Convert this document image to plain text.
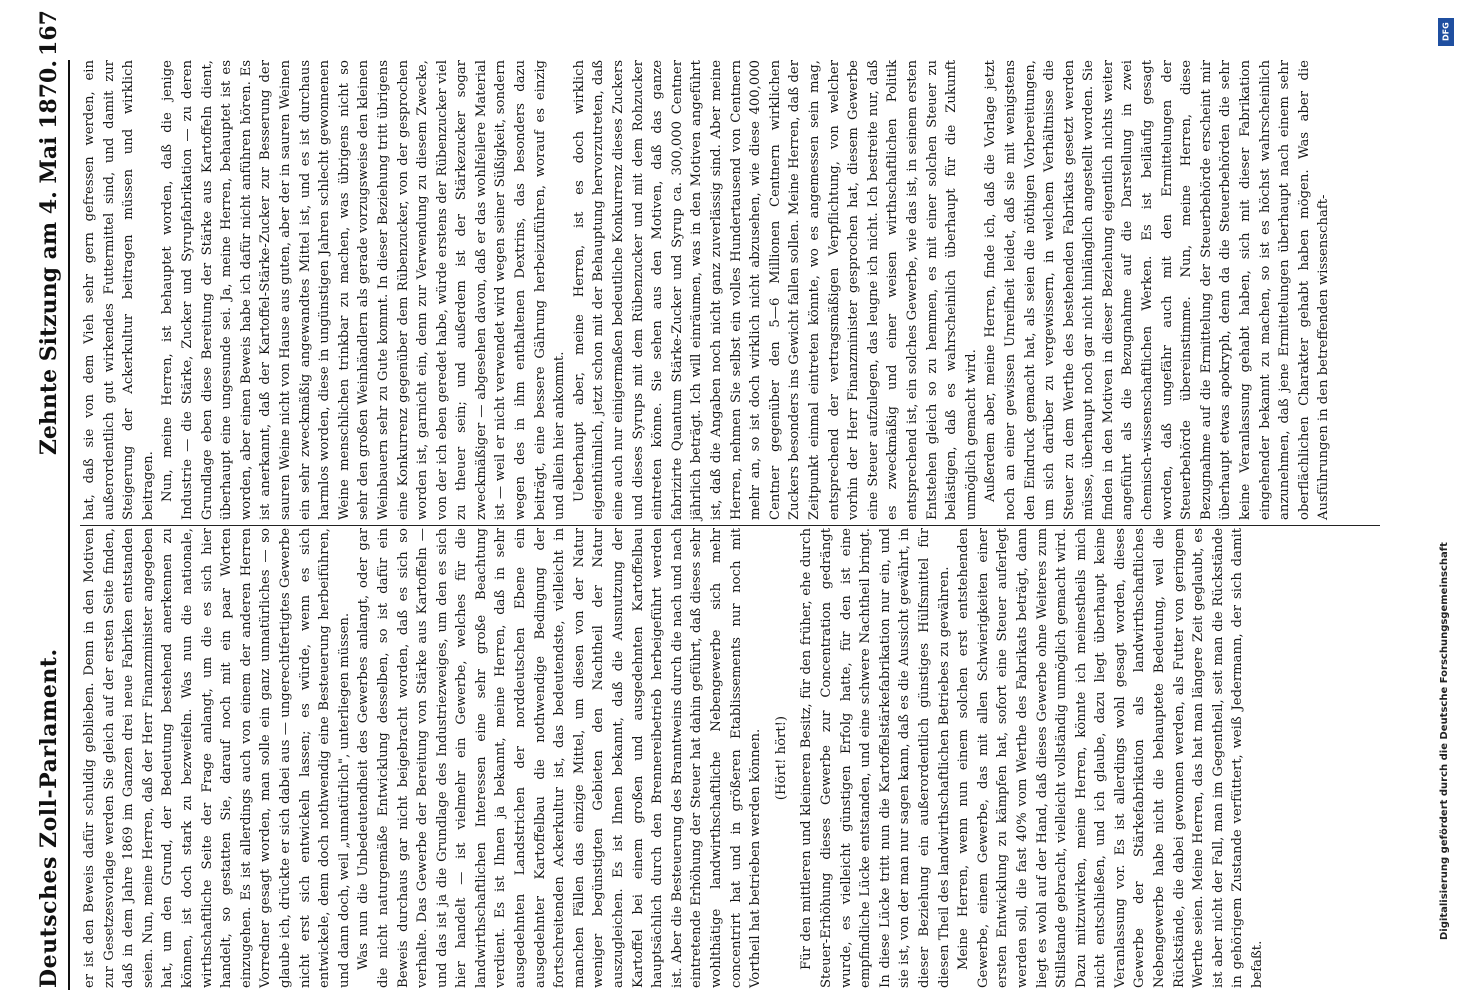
Deutsches Zoll-Parlament.
Zehnte Sitzung am 4. Mai 1870.
167

er ist den Beweis dafür schuldig geblieben. Denn in den Motiven zur Gesetzesvorlage werden Sie gleich auf der ersten Seite finden, daß in dem Jahre 1869 im Ganzen drei neue Fabriken entstanden seien. Nun, meine Herren, daß der Herr Finanzminister angegeben hat, um den Grund, der Bedeutung bestehend anerkennen zu können, ist doch stark zu bezweifeln. Was nun die nationale, wirthschaftliche Seite der Frage anlangt, um die es sich hier handelt, so gestatten Sie, darauf noch mit ein paar Worten einzugehen. Es ist allerdings auch von einem der anderen Herren Vorredner gesagt worden, man solle ein ganz unnatürliches — so glaube ich, drückte er sich dabei aus — ungerechtfertigtes Gewerbe nicht erst sich entwickeln lassen; es würde, wenn es sich entwickele, denn doch nothwendig eine Besteuerung herbeiführen, und dann doch, weil „unnatürlich", unterliegen müssen. Was nun die Unbedeutendheit des Gewerbes anlangt, oder gar die nicht naturgemäße Entwicklung desselben, so ist dafür ein Beweis durchaus gar nicht beigebracht worden, daß es sich so verhalte. Das Gewerbe der Bereitung von Stärke aus Kartoffeln — und das ist ja die Grundlage des Industriezweiges, um den es sich hier handelt — ist vielmehr ein Gewerbe, welches für die landwirthschaftlichen Interessen eine sehr große Beachtung verdient. Es ist Ihnen ja bekannt, meine Herren, daß in sehr ausgedehnten Landstrichen der norddeutschen Ebene ein ausgedehnter Kartoffelbau die nothwendige Bedingung der fortschreitenden Ackerkultur ist, das bedeutendste, vielleicht in manchen Fällen das einzige Mittel, um diesen von der Natur weniger begünstigten Gebieten den Nachtheil der Natur auszugleichen. Es ist Ihnen bekannt, daß die Ausnutzung der Kartoffel bei einem großen und ausgedehnten Kartoffelbau hauptsächlich durch den Brennereibetrieb herbeigeführt werden ist. Aber die Besteuerung des Branntweins durch die nach und nach eintretende Erhöhung der Steuer hat dahin geführt, daß dieses sehr wohlthätige landwirthschaftliche Nebengewerbe sich mehr concentrirt hat und in größeren Etablissements nur noch mit Vortheil hat betrieben werden können. (Hört! hört!) Für den mittleren und kleineren Besitz, für den früher, ehe durch Steuer-Erhöhung dieses Gewerbe zur Concentration gedrängt wurde, es vielleicht günstigen Erfolg hatte, für den ist eine empfindliche Lücke entstanden, und eine schwere Nachtheil bringt. In diese Lücke tritt nun die Kartoffelstärkefabrikation nur ein, und sie ist, von der man nur sagen kann, daß es die Aussicht gewährt, in dieser Beziehung ein außerordentlich günstiges Hülfsmittel für diesen Theil des landwirthschaftlichen Betriebes zu gewähren. Meine Herren, wenn nun einem solchen erst entstehenden Gewerbe, einem Gewerbe, das mit allen Schwierigkeiten einer ersten Entwicklung zu kämpfen hat, sofort eine Steuer auferlegt werden soll, die fast 40% vom Werthe des Fabrikats beträgt, dann liegt es wohl auf der Hand, daß dieses Gewerbe ohne Weiteres zum Stillstande gebracht, vielleicht vollständig unmöglich gemacht wird. Dazu mitzuwirken, meine Herren, könnte ich meinestheils mich nicht entschließen, und ich glaube, dazu liegt überhaupt keine Veranlassung vor. Es ist allerdings wohl gesagt worden, dieses Gewerbe der Stärkefabrikation als landwirthschaftliches Nebengewerbe habe nicht die behauptete Bedeutung, weil die Rückstände, die dabei gewonnen werden, als Futter von geringem Werthe seien. Meine Herren, das hat man längere Zeit geglaubt, es ist aber nicht der Fall, man im Gegentheil, seit man die Rückstände in gehörigem Zustande verfüttert, weiß Jedermann, der sich damit befaßt.

hat, daß sie von dem Vieh sehr gern gefressen werden, ein außerordentlich gut wirkendes Futtermittel sind, und damit zur Steigerung der Ackerkultur beitragen müssen und wirklich beitragen. Nun, meine Herren, ist behauptet worden, daß die jenige Industrie — die Stärke, Zucker und Syrupfabrikation — zu deren Grundlage eben diese Bereitung der Stärke aus Kartoffeln dient, überhaupt eine ungesunde sei. Ja, meine Herren, behauptet ist es worden, aber einen Beweis habe ich dafür nicht anführen hören. Es ist anerkannt, daß der Kartoffel-Stärke-Zucker zur Besserung der sauren Weine nicht von Hause aus guten, aber der in sauren Weinen ein sehr zweckmäßig angewandtes Mittel ist, und es ist durchaus harmlos worden, diese in ungünstigen Jahren schlecht gewonnenen Weine menschlichen trinkbar zu machen, was übrigens nicht so sehr den großen Weinhändlern als gerade vorzugsweise den kleinen Weinbauern sehr zu Gute kommt. In dieser Beziehung tritt übrigens eine Konkurrenz gegenüber dem Rübenzucker, von der gesprochen worden ist, garnicht ein, denn zur Verwendung zu diesem Zwecke, von der ich eben geredet habe, würde erstens der Rübenzucker viel zu theuer sein; und außerdem ist der Stärkezucker sogar zweckmäßiger — abgesehen davon, daß er das wohlfeilere Material ist — weil er nicht verwendet wird wegen seiner Süßigkeit, sondern wegen des in ihm enthaltenen Dextrins, das besonders dazu beiträgt, eine bessere Gährung herbeizuführen, worauf es einzig und allein hier ankommt. Ueberhaupt aber, meine Herren, ist es doch wirklich eigenthümlich, jetzt schon mit der Behauptung hervorzutreten, daß eine auch nur einigermaßen bedeutliche Konkurrenz dieses Zuckers und dieses Syrups mit dem Rübenzucker und mit dem Rohzucker eintreten könne. Sie sehen aus den Motiven, daß das ganze fabrizirte Quantum Stärke-Zucker und Syrup ca. 300,000 Centner jährlich beträgt. Ich will einräumen, was in den Motiven angeführt ist, daß die Angaben noch nicht ganz zuverlässig sind. Aber meine Herren, nehmen Sie selbst ein volles Hundertausend von Centnern mehr an, so ist doch wirklich nicht abzusehen, wie diese 400,000 Centner gegenüber den 5—6 Millionen Centnern wirklichen Zuckers besonders ins Gewicht fallen sollen. Meine Herren, daß der Zeitpunkt einmal eintreten könnte, wo es angemessen sein mag, entsprechend der vertragsmäßigen Verpflichtung, von welcher vorhin der Herr Finanzminister gesprochen hat, diesem Gewerbe eine Steuer aufzulegen, das leugne ich nicht. Ich bestreite nur, daß es zweckmäßig und einer weisen wirthschaftlichen Politik entsprechend ist, ein solches Gewerbe, wie das ist, in seinem ersten Entstehen gleich so zu hemmen, es mit einer solchen Steuer zu belästigen, daß es wahrscheinlich überhaupt für die Zukunft unmöglich gemacht wird. Außerdem aber, meine Herren, finde ich, daß die Vorlage jetzt noch an einer gewissen Unreifheit leidet, daß sie mit wenigstens den Eindruck gemacht hat, als seien die nöthigen Vorbereitungen, um sich darüber zu vergewissern, in welchem Verhältnisse die Steuer zu dem Werthe des bestehenden Fabrikats gesetzt werden müsse, überhaupt noch gar nicht hinlänglich angestellt worden. Sie finden in den Motiven in dieser Beziehung eigentlich nichts weiter angeführt als die Bezugnahme auf die Darstellung in zwei chemisch-wissenschaftlichen Werken. Es ist beiläufig gesagt worden, daß ungefähr auch mit den Ermittelungen der Steuerbehörde übereinstimme. Nun, meine Herren, diese Bezugnahme auf die Ermittelung der Steuerbehörde erscheint mir überhaupt etwas apokryph, denn da die Steuerbehörden die sehr keine Veranlassung gehabt haben, sich mit dieser Fabrikation eingehender bekannt zu machen, so ist es höchst wahrscheinlich anzunehmen, daß jene Ermittelungen überhaupt nach einem sehr oberflächlichen Charakter gehabt haben mögen. Was aber die Ausführungen in den betreffenden wissenschaft-

DFG
Digitalisierung gefördert durch die Deutsche Forschungsgemeinschaft
